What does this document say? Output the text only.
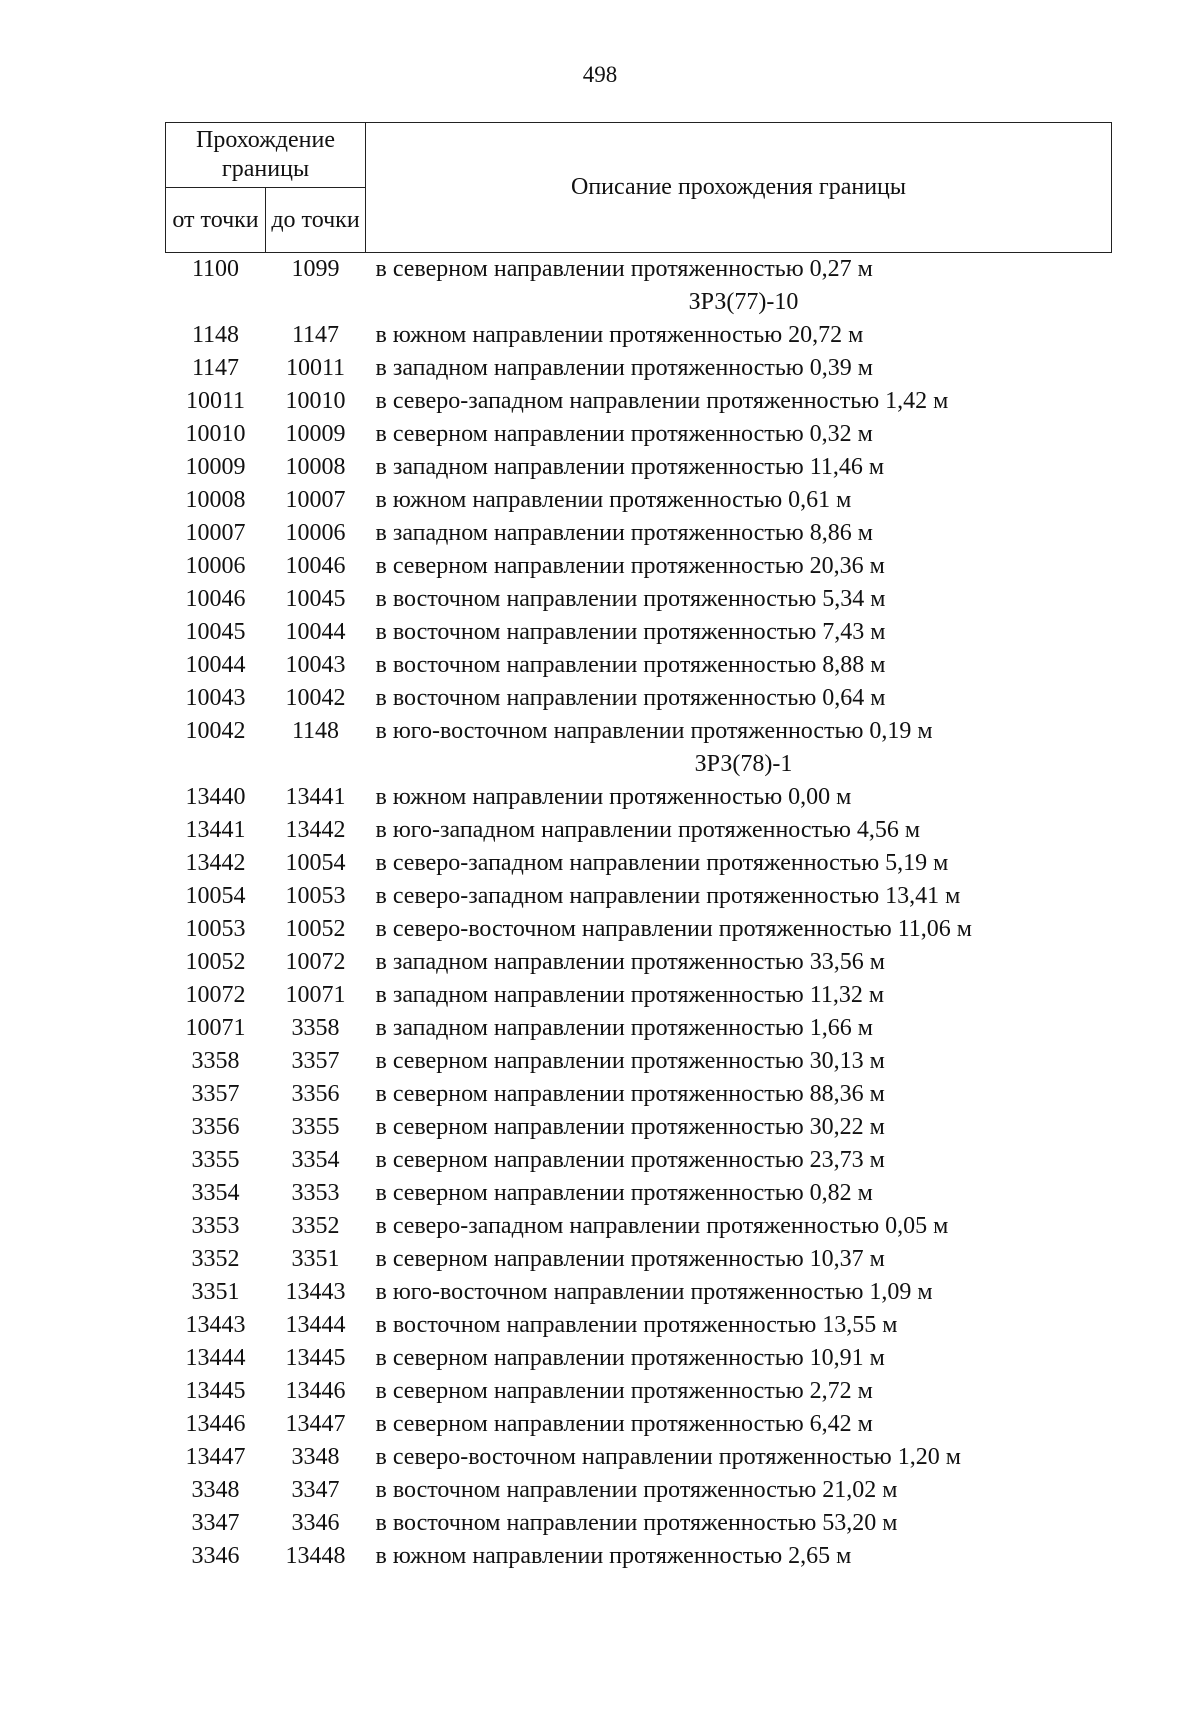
498
Прохождение границы		Описание прохождения границы
от точки	до точки	
1100	1099	в северном направлении протяженностью 0,27 м
		ЗРЗ(77)-10
1148	1147	в южном направлении протяженностью 20,72 м
1147	10011	в западном направлении протяженностью 0,39 м
10011	10010	в северо-западном направлении протяженностью 1,42 м
10010	10009	в северном направлении протяженностью 0,32 м
10009	10008	в западном направлении протяженностью 11,46 м
10008	10007	в южном направлении протяженностью 0,61 м
10007	10006	в западном направлении протяженностью 8,86 м
10006	10046	в северном направлении протяженностью 20,36 м
10046	10045	в восточном направлении протяженностью 5,34 м
10045	10044	в восточном направлении протяженностью 7,43 м
10044	10043	в восточном направлении протяженностью 8,88 м
10043	10042	в восточном направлении протяженностью 0,64 м
10042	1148	в юго-восточном направлении протяженностью 0,19 м
		ЗРЗ(78)-1
13440	13441	в южном направлении протяженностью 0,00 м
13441	13442	в юго-западном направлении протяженностью 4,56 м
13442	10054	в северо-западном направлении протяженностью 5,19 м
10054	10053	в северо-западном направлении протяженностью 13,41 м
10053	10052	в северо-восточном направлении протяженностью 11,06 м
10052	10072	в западном направлении протяженностью 33,56 м
10072	10071	в западном направлении протяженностью 11,32 м
10071	3358	в западном направлении протяженностью 1,66 м
3358	3357	в северном направлении протяженностью 30,13 м
3357	3356	в северном направлении протяженностью 88,36 м
3356	3355	в северном направлении протяженностью 30,22 м
3355	3354	в северном направлении протяженностью 23,73 м
3354	3353	в северном направлении протяженностью 0,82 м
3353	3352	в северо-западном направлении протяженностью 0,05 м
3352	3351	в северном направлении протяженностью 10,37 м
3351	13443	в юго-восточном направлении протяженностью 1,09 м
13443	13444	в восточном направлении протяженностью 13,55 м
13444	13445	в северном направлении протяженностью 10,91 м
13445	13446	в северном направлении протяженностью 2,72 м
13446	13447	в северном направлении протяженностью 6,42 м
13447	3348	в северо-восточном направлении протяженностью 1,20 м
3348	3347	в восточном направлении протяженностью 21,02 м
3347	3346	в восточном направлении протяженностью 53,20 м
3346	13448	в южном направлении протяженностью 2,65 м
